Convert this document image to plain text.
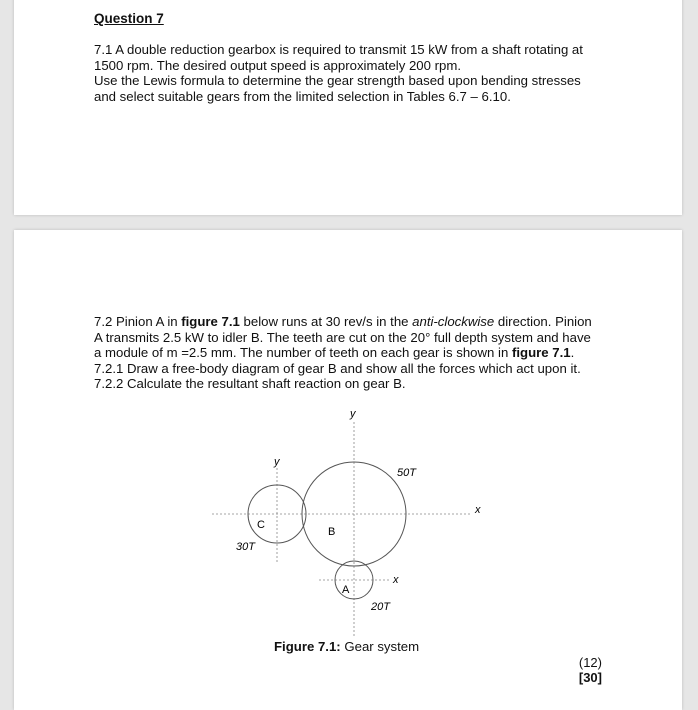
Question 7
7.1 A double reduction gearbox is required to transmit 15 kW from a shaft rotating at
1500 rpm. The desired output speed is approximately 200 rpm.
Use the Lewis formula to determine the gear strength based upon bending stresses
and select suitable gears from the limited selection in Tables 6.7 – 6.10.
7.2 Pinion A in figure 7.1 below runs at 30 rev/s in the anti-clockwise direction. Pinion
A transmits 2.5 kW to idler B. The teeth are cut on the 20° full depth system and have
a module of m =2.5 mm. The number of teeth on each gear is shown in figure 7.1.
7.2.1 Draw a free-body diagram of gear B and show all the forces which act upon it.
7.2.2 Calculate the resultant shaft reaction on gear B.
y
y
x
x
B
C
A
50T
30T
20T
Figure 7.1: Gear system
(12)
[30]
